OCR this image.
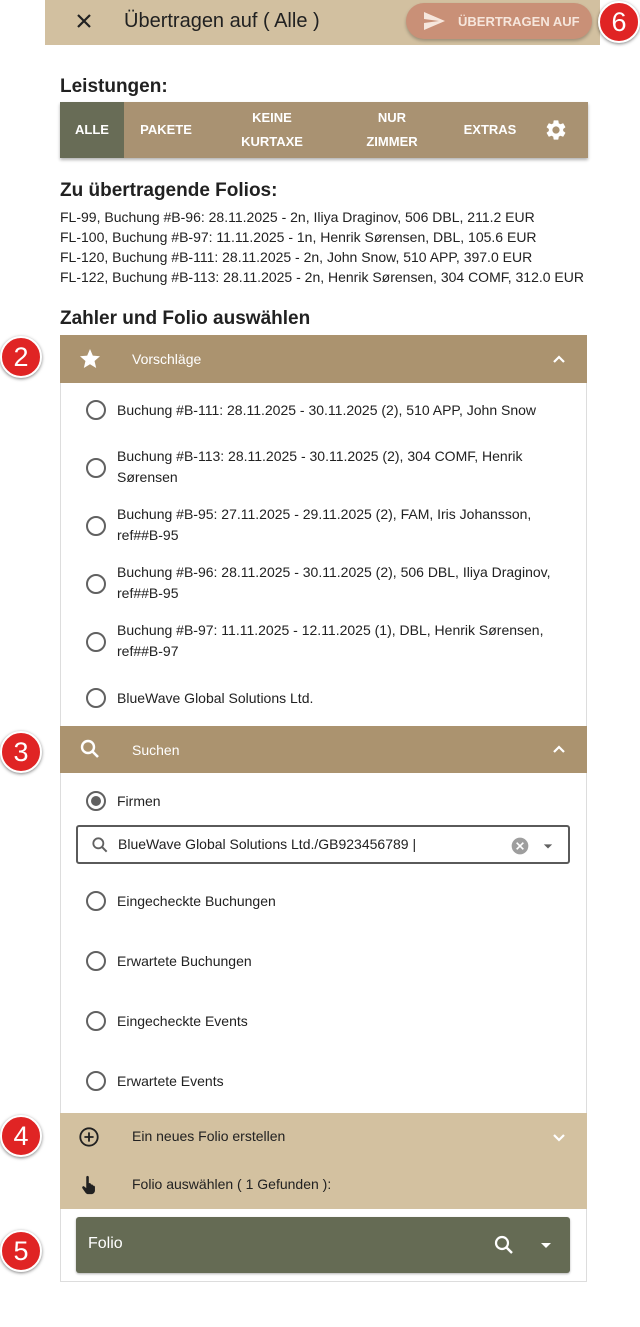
Übertragen auf ( Alle )	ÜBERTRAGEN AUF	6
Leistungen:
ALLE PAKETE
KEINE
KURTAXE
NUR
ZIMMER
EXTRAS
Zu übertragende Folios:
FL-99, Buchung #B-96: 28.11.2025 - 2n, Iliya Draginov, 506 DBL, 211.2 EUR
FL-100, Buchung #B-97: 11.11.2025 - 1n, Henrik Sørensen, DBL, 105.6 EUR
FL-120, Buchung #B-111: 28.11.2025 - 2n, John Snow, 510 APP, 397.0 EUR
FL-122, Buchung #B-113: 28.11.2025 - 2n, Henrik Sørensen, 304 COMF, 312.0 EUR
Zahler und Folio auswählen
Vorschläge
2
Buchung #B-111: 28.11.2025 - 30.11.2025 (2), 510 APP, John Snow
Buchung #B-113: 28.11.2025 - 30.11.2025 (2), 304 COMF, Henrik Sørensen
Buchung #B-95: 27.11.2025 - 29.11.2025 (2), FAM, Iris Johansson, ref##B-95
Buchung #B-96: 28.11.2025 - 30.11.2025 (2), 506 DBL, Iliya Draginov, ref##B-95
Buchung #B-97: 11.11.2025 - 12.11.2025 (1), DBL, Henrik Sørensen, ref##B-97
BlueWave Global Solutions Ltd.
Suchen
3
Firmen
BlueWave Global Solutions Ltd./GB923456789 |
Eingecheckte Buchungen
Erwartete Buchungen
Eingecheckte Events
Erwartete Events
Ein neues Folio erstellen
Folio auswählen ( 1 Gefunden ):
4
Folio
5
